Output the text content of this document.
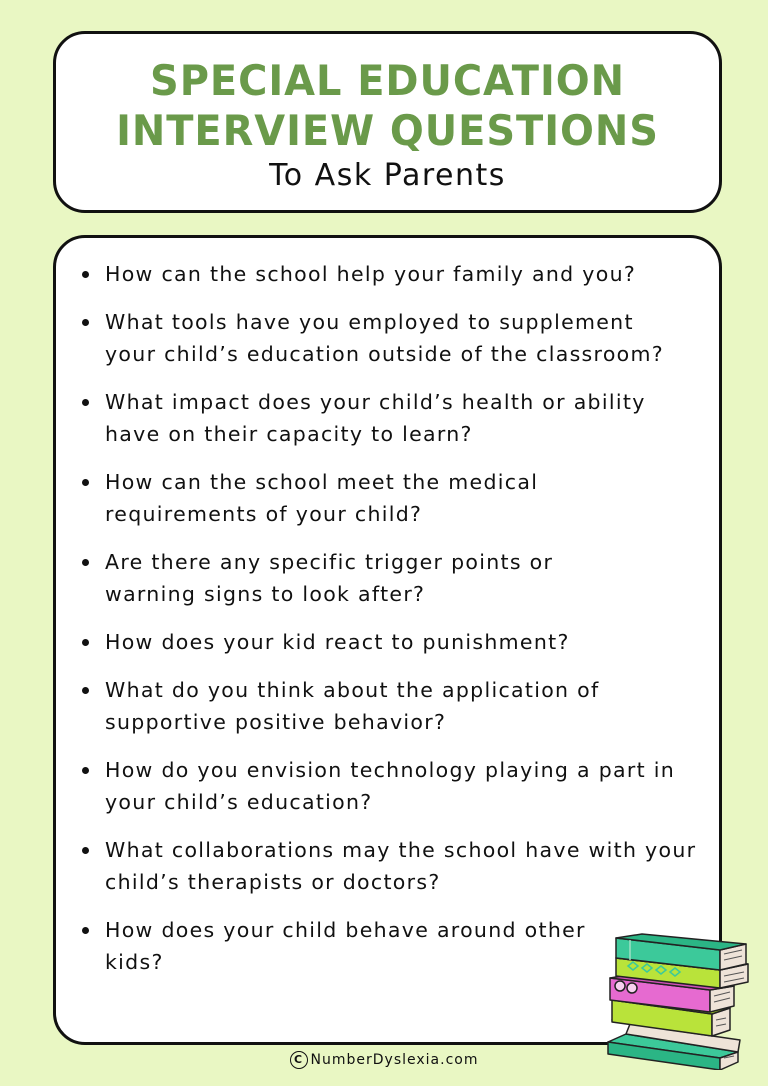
SPECIAL EDUCATION
INTERVIEW QUESTIONS
To Ask Parents
How can the school help your family and you?
What tools have you employed to supplement your child’s education outside of the classroom?
What impact does your child’s health or ability have on their capacity to learn?
How can the school meet the medical requirements of your child?
Are there any specific trigger points or warning signs to look after?
How does your kid react to punishment?
What do you think about the application of supportive positive behavior?
How do you envision technology playing a part in your child’s education?
What collaborations may the school have with your child’s therapists or doctors?
How does your child behave around other kids?
C NumberDyslexia.com
